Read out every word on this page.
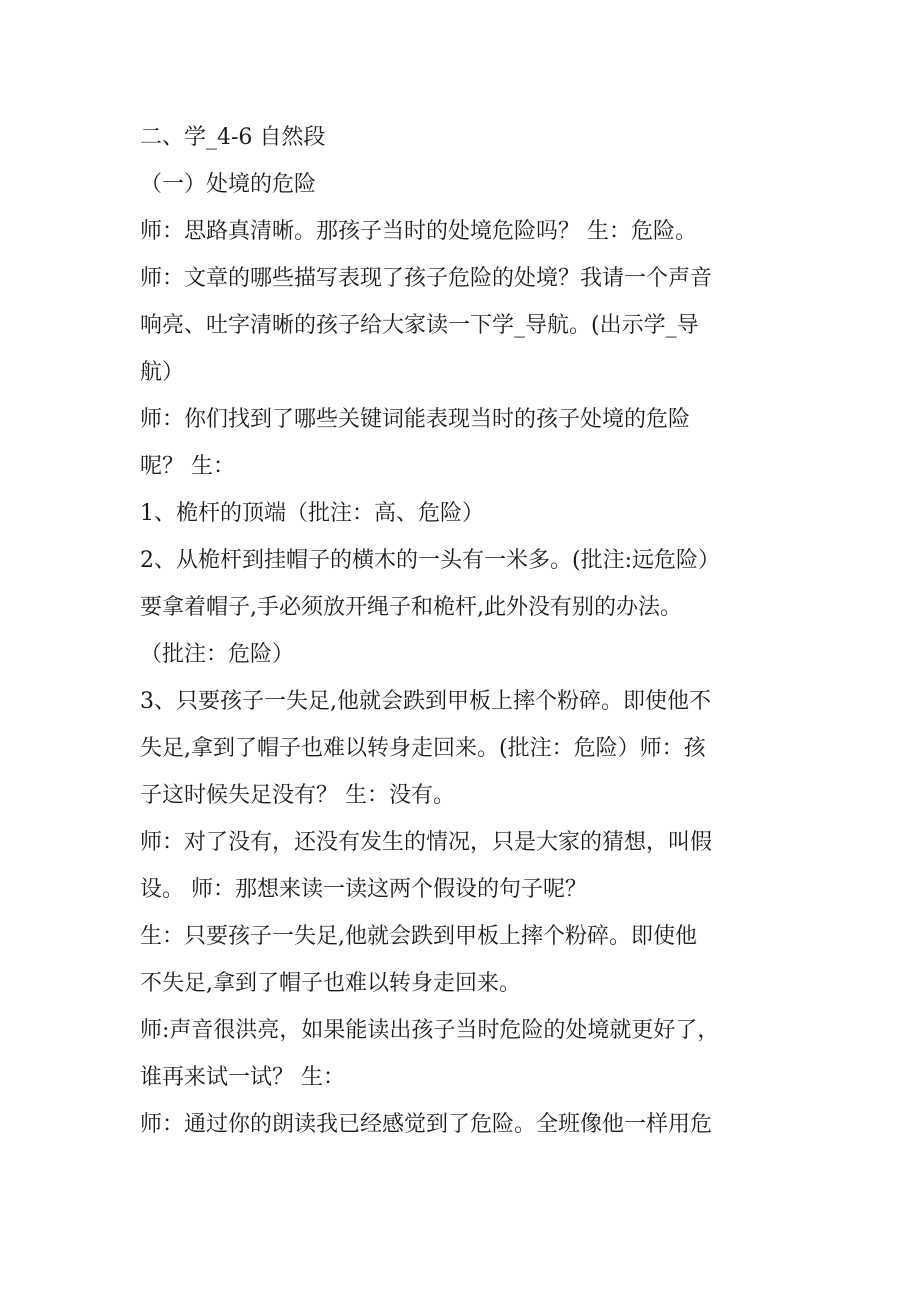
二、学_4-6 自然段
（一）处境的危险
师：思路真清晰。那孩子当时的处境危险吗？ 生：危险。
师：文章的哪些描写表现了孩子危险的处境？我请一个声音
响亮、吐字清晰的孩子给大家读一下学_导航。(出示学_导
航）
师：你们找到了哪些关键词能表现当时的孩子处境的危险
呢？ 生：
1、桅杆的顶端（批注：高、危险）
2、从桅杆到挂帽子的横木的一头有一米多。(批注:远危险）
要拿着帽子,手必须放开绳子和桅杆,此外没有别的办法。
（批注：危险）
3、只要孩子一失足,他就会跌到甲板上摔个粉碎。即使他不
失足,拿到了帽子也难以转身走回来。(批注：危险）师：孩
子这时候失足没有？ 生：没有。
师：对了没有，还没有发生的情况，只是大家的猜想，叫假
设。 师：那想来读一读这两个假设的句子呢？
生：只要孩子一失足,他就会跌到甲板上摔个粉碎。即使他
不失足,拿到了帽子也难以转身走回来。
师:声音很洪亮，如果能读出孩子当时危险的处境就更好了，
谁再来试一试？ 生：
师：通过你的朗读我已经感觉到了危险。全班像他一样用危
